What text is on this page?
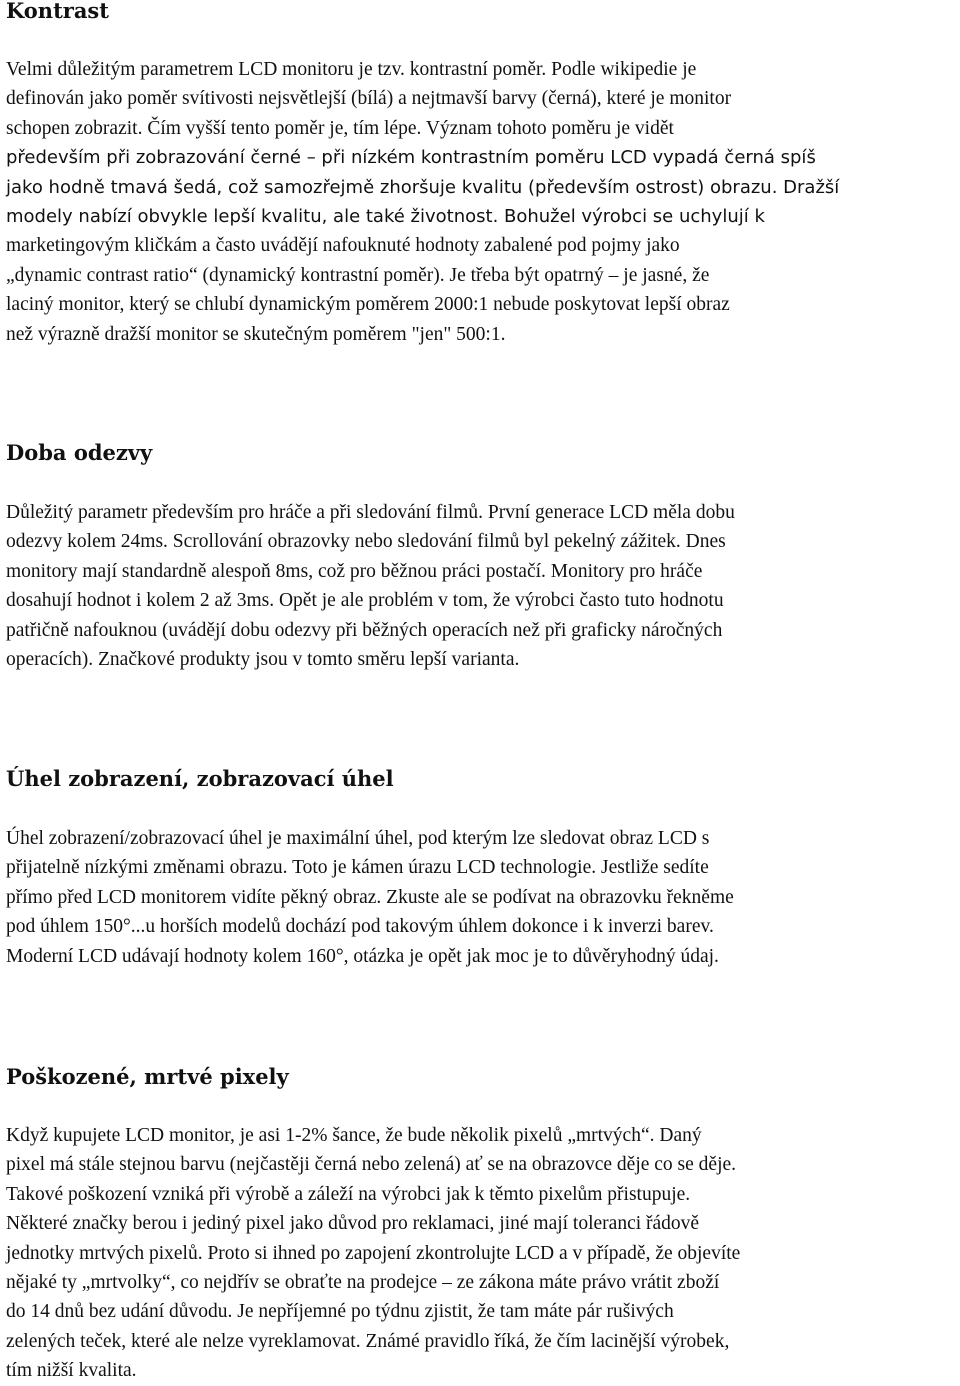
Kontrast
Velmi důležitým parametrem LCD monitoru je tzv. kontrastní poměr. Podle wikipedie je
definován jako poměr svítivosti nejsvětlejší (bílá) a nejtmavší barvy (černá), které je monitor
schopen zobrazit. Čím vyšší tento poměr je, tím lépe. Význam tohoto poměru je vidět
především při zobrazování černé – při nízkém kontrastním poměru LCD vypadá černá spíš
jako hodně tmavá šedá, což samozřejmě zhoršuje kvalitu (především ostrost) obrazu. Dražší
modely nabízí obvykle lepší kvalitu, ale také životnost. Bohužel výrobci se uchylují k
marketingovým kličkám a často uvádějí nafouknuté hodnoty zabalené pod pojmy jako
„dynamic contrast ratio“ (dynamický kontrastní poměr). Je třeba být opatrný – je jasné, že
laciný monitor, který se chlubí dynamickým poměrem 2000:1 nebude poskytovat lepší obraz
než výrazně dražší monitor se skutečným poměrem "jen" 500:1.
Doba odezvy
Důležitý parametr především pro hráče a při sledování filmů. První generace LCD měla dobu
odezvy kolem 24ms. Scrollování obrazovky nebo sledování filmů byl pekelný zážitek. Dnes
monitory mají standardně alespoň 8ms, což pro běžnou práci postačí. Monitory pro hráče
dosahují hodnot i kolem 2 až 3ms. Opět je ale problém v tom, že výrobci často tuto hodnotu
patřičně nafouknou (uvádějí dobu odezvy při běžných operacích než při graficky náročných
operacích). Značkové produkty jsou v tomto směru lepší varianta.
Úhel zobrazení, zobrazovací úhel
Úhel zobrazení/zobrazovací úhel je maximální úhel, pod kterým lze sledovat obraz LCD s
přijatelně nízkými změnami obrazu. Toto je kámen úrazu LCD technologie. Jestliže sedíte
přímo před LCD monitorem vidíte pěkný obraz. Zkuste ale se podívat na obrazovku řekněme
pod úhlem 150°...u horších modelů dochází pod takovým úhlem dokonce i k inverzi barev.
Moderní LCD udávají hodnoty kolem 160°, otázka je opět jak moc je to důvěryhodný údaj.
Poškozené, mrtvé pixely
Když kupujete LCD monitor, je asi 1-2% šance, že bude několik pixelů „mrtvých“. Daný
pixel má stále stejnou barvu (nejčastěji černá nebo zelená) ať se na obrazovce děje co se děje.
Takové poškození vzniká při výrobě a záleží na výrobci jak k těmto pixelům přistupuje.
Některé značky berou i jediný pixel jako důvod pro reklamaci, jiné mají toleranci řádově
jednotky mrtvých pixelů. Proto si ihned po zapojení zkontrolujte LCD a v případě, že objevíte
nějaké ty „mrtvolky“, co nejdřív se obraťte na prodejce – ze zákona máte právo vrátit zboží
do 14 dnů bez udání důvodu. Je nepříjemné po týdnu zjistit, že tam máte pár rušivých
zelených teček, které ale nelze vyreklamovat. Známé pravidlo říká, že čím lacinější výrobek,
tím nižší kvalita.
